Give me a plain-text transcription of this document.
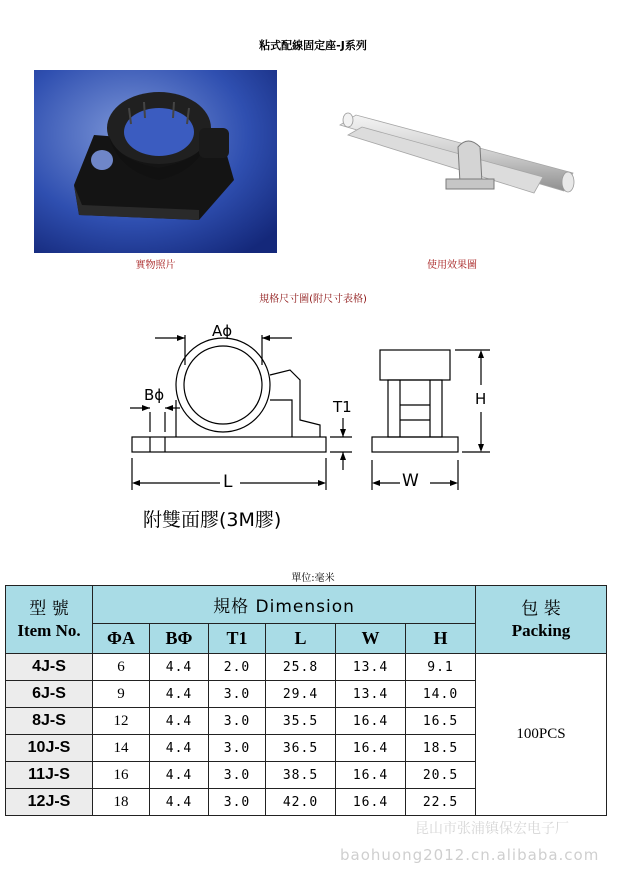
粘式配線固定座-J系列
實物照片	使用效果圖
規格尺寸圖(附尺寸表格)
Aϕ
Bϕ
T1	H
L	W
附雙面膠(3M膠)
單位:毫米
型 號
Item No.	規格 Dimension						包 裝
Packing
	ΦA	BΦ	T1	L	W	H	
4J-S	6	4.4	2.0	25.8	13.4	9.1	100PCS
6J-S	9	4.4	3.0	29.4	13.4	14.0	
8J-S	12	4.4	3.0	35.5	16.4	16.5	
10J-S	14	4.4	3.0	36.5	16.4	18.5	
11J-S	16	4.4	3.0	38.5	16.4	20.5	
12J-S	18	4.4	3.0	42.0	16.4	22.5	
昆山市张浦镇保宏电子厂
baohuong2012.cn.alibaba.com
